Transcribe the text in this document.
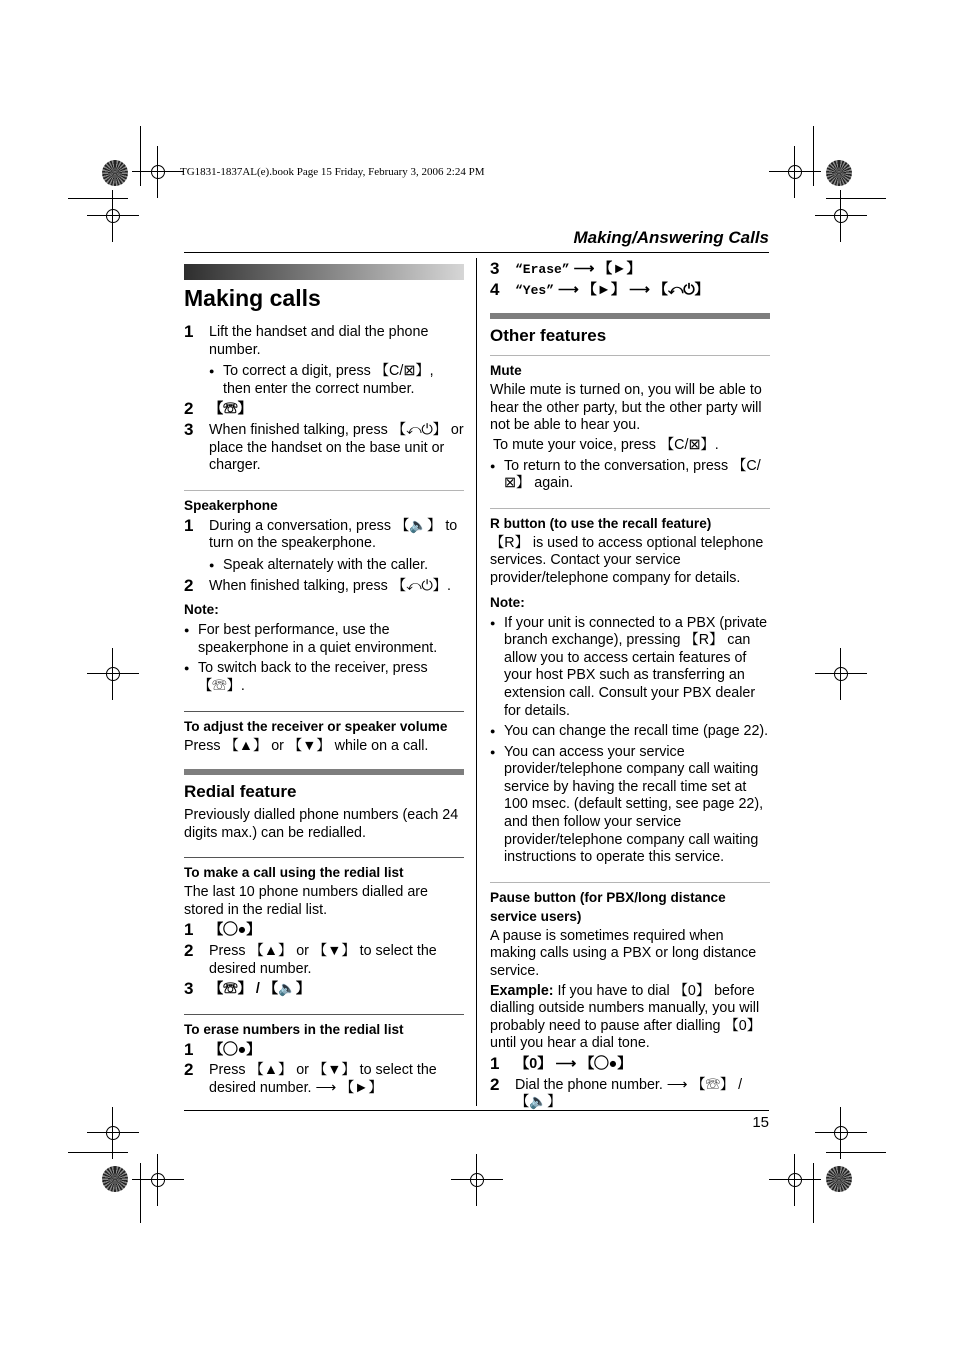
TG1831-1837AL(e).book Page 15 Friday, February 3, 2006 2:24 PM
Making/Answering Calls
15
Making calls
1 Lift the handset and dial the phone number.
● To correct a digit, press 【C/⊠】, then enter the correct number.
2 【☏】
3 When finished talking, press 【⤺⏻】 or place the handset on the base unit or charger.
Speakerphone
1 During a conversation, press 【🔈】 to turn on the speakerphone.
● Speak alternately with the caller.
2 When finished talking, press 【⤺⏻】.
Note:
● For best performance, use the speakerphone in a quiet environment.
● To switch back to the receiver, press 【☏】.
To adjust the receiver or speaker volume
Press 【▲】 or 【▼】 while on a call.
Redial feature
Previously dialled phone numbers (each 24 digits max.) can be redialled.
To make a call using the redial list
The last 10 phone numbers dialled are stored in the redial list.
1 【◯●】
2 Press 【▲】 or 【▼】 to select the desired number.
3 【☏】 / 【🔈】
To erase numbers in the redial list
1 【◯●】
2 Press 【▲】 or 【▼】 to select the desired number. ⟶ 【►】
3 “Erase” ⟶ 【►】
4 “Yes” ⟶ 【►】 ⟶ 【⤺⏻】
Other features
Mute
While mute is turned on, you will be able to hear the other party, but the other party will not be able to hear you.
To mute your voice, press 【C/⊠】.
● To return to the conversation, press 【C/⊠】 again.
R button (to use the recall feature)
【R】 is used to access optional telephone services. Contact your service provider/telephone company for details.
Note:
● If your unit is connected to a PBX (private branch exchange), pressing 【R】 can allow you to access certain features of your host PBX such as transferring an extension call. Consult your PBX dealer for details.
● You can change the recall time (page 22).
● You can access your service provider/telephone company call waiting service by having the recall time set at 100 msec. (default setting, see page 22), and then follow your service provider/telephone company call waiting instructions to operate this service.
Pause button (for PBX/long distance service users)
A pause is sometimes required when making calls using a PBX or long distance service.
Example: If you have to dial 【0】 before dialling outside numbers manually, you will probably need to pause after dialling 【0】 until you hear a dial tone.
1 【0】 ⟶ 【◯●】
2 Dial the phone number. ⟶ 【☏】 / 【🔈】
